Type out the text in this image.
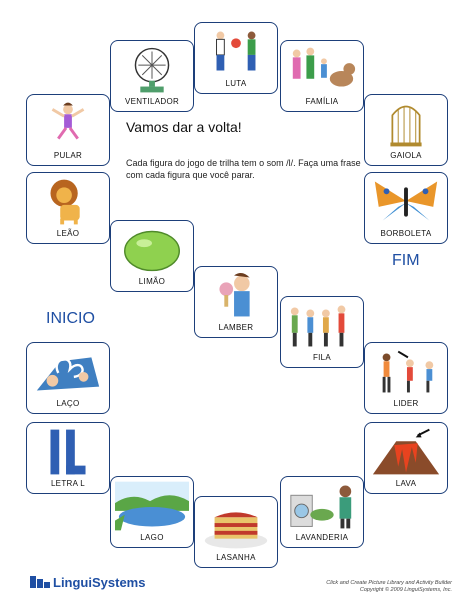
Vamos dar a volta!
Cada figura do jogo de trilha tem o som /l/. Faça uma frase com cada figura que você parar.
FIM
INICIO
LAÇO
LETRA L
LAGO
LASANHA
LAVANDERIA
LAVA
LIDER
FILA
LAMBER
LIMÃO
LEÃO
PULAR
VENTILADOR
LUTA
FAMÍLIA
GAIOLA
BORBOLETA
LinguiSystems	Click and Create Picture Library and Activity Builder
Copyright © 2009 LinguiSystems, Inc.
